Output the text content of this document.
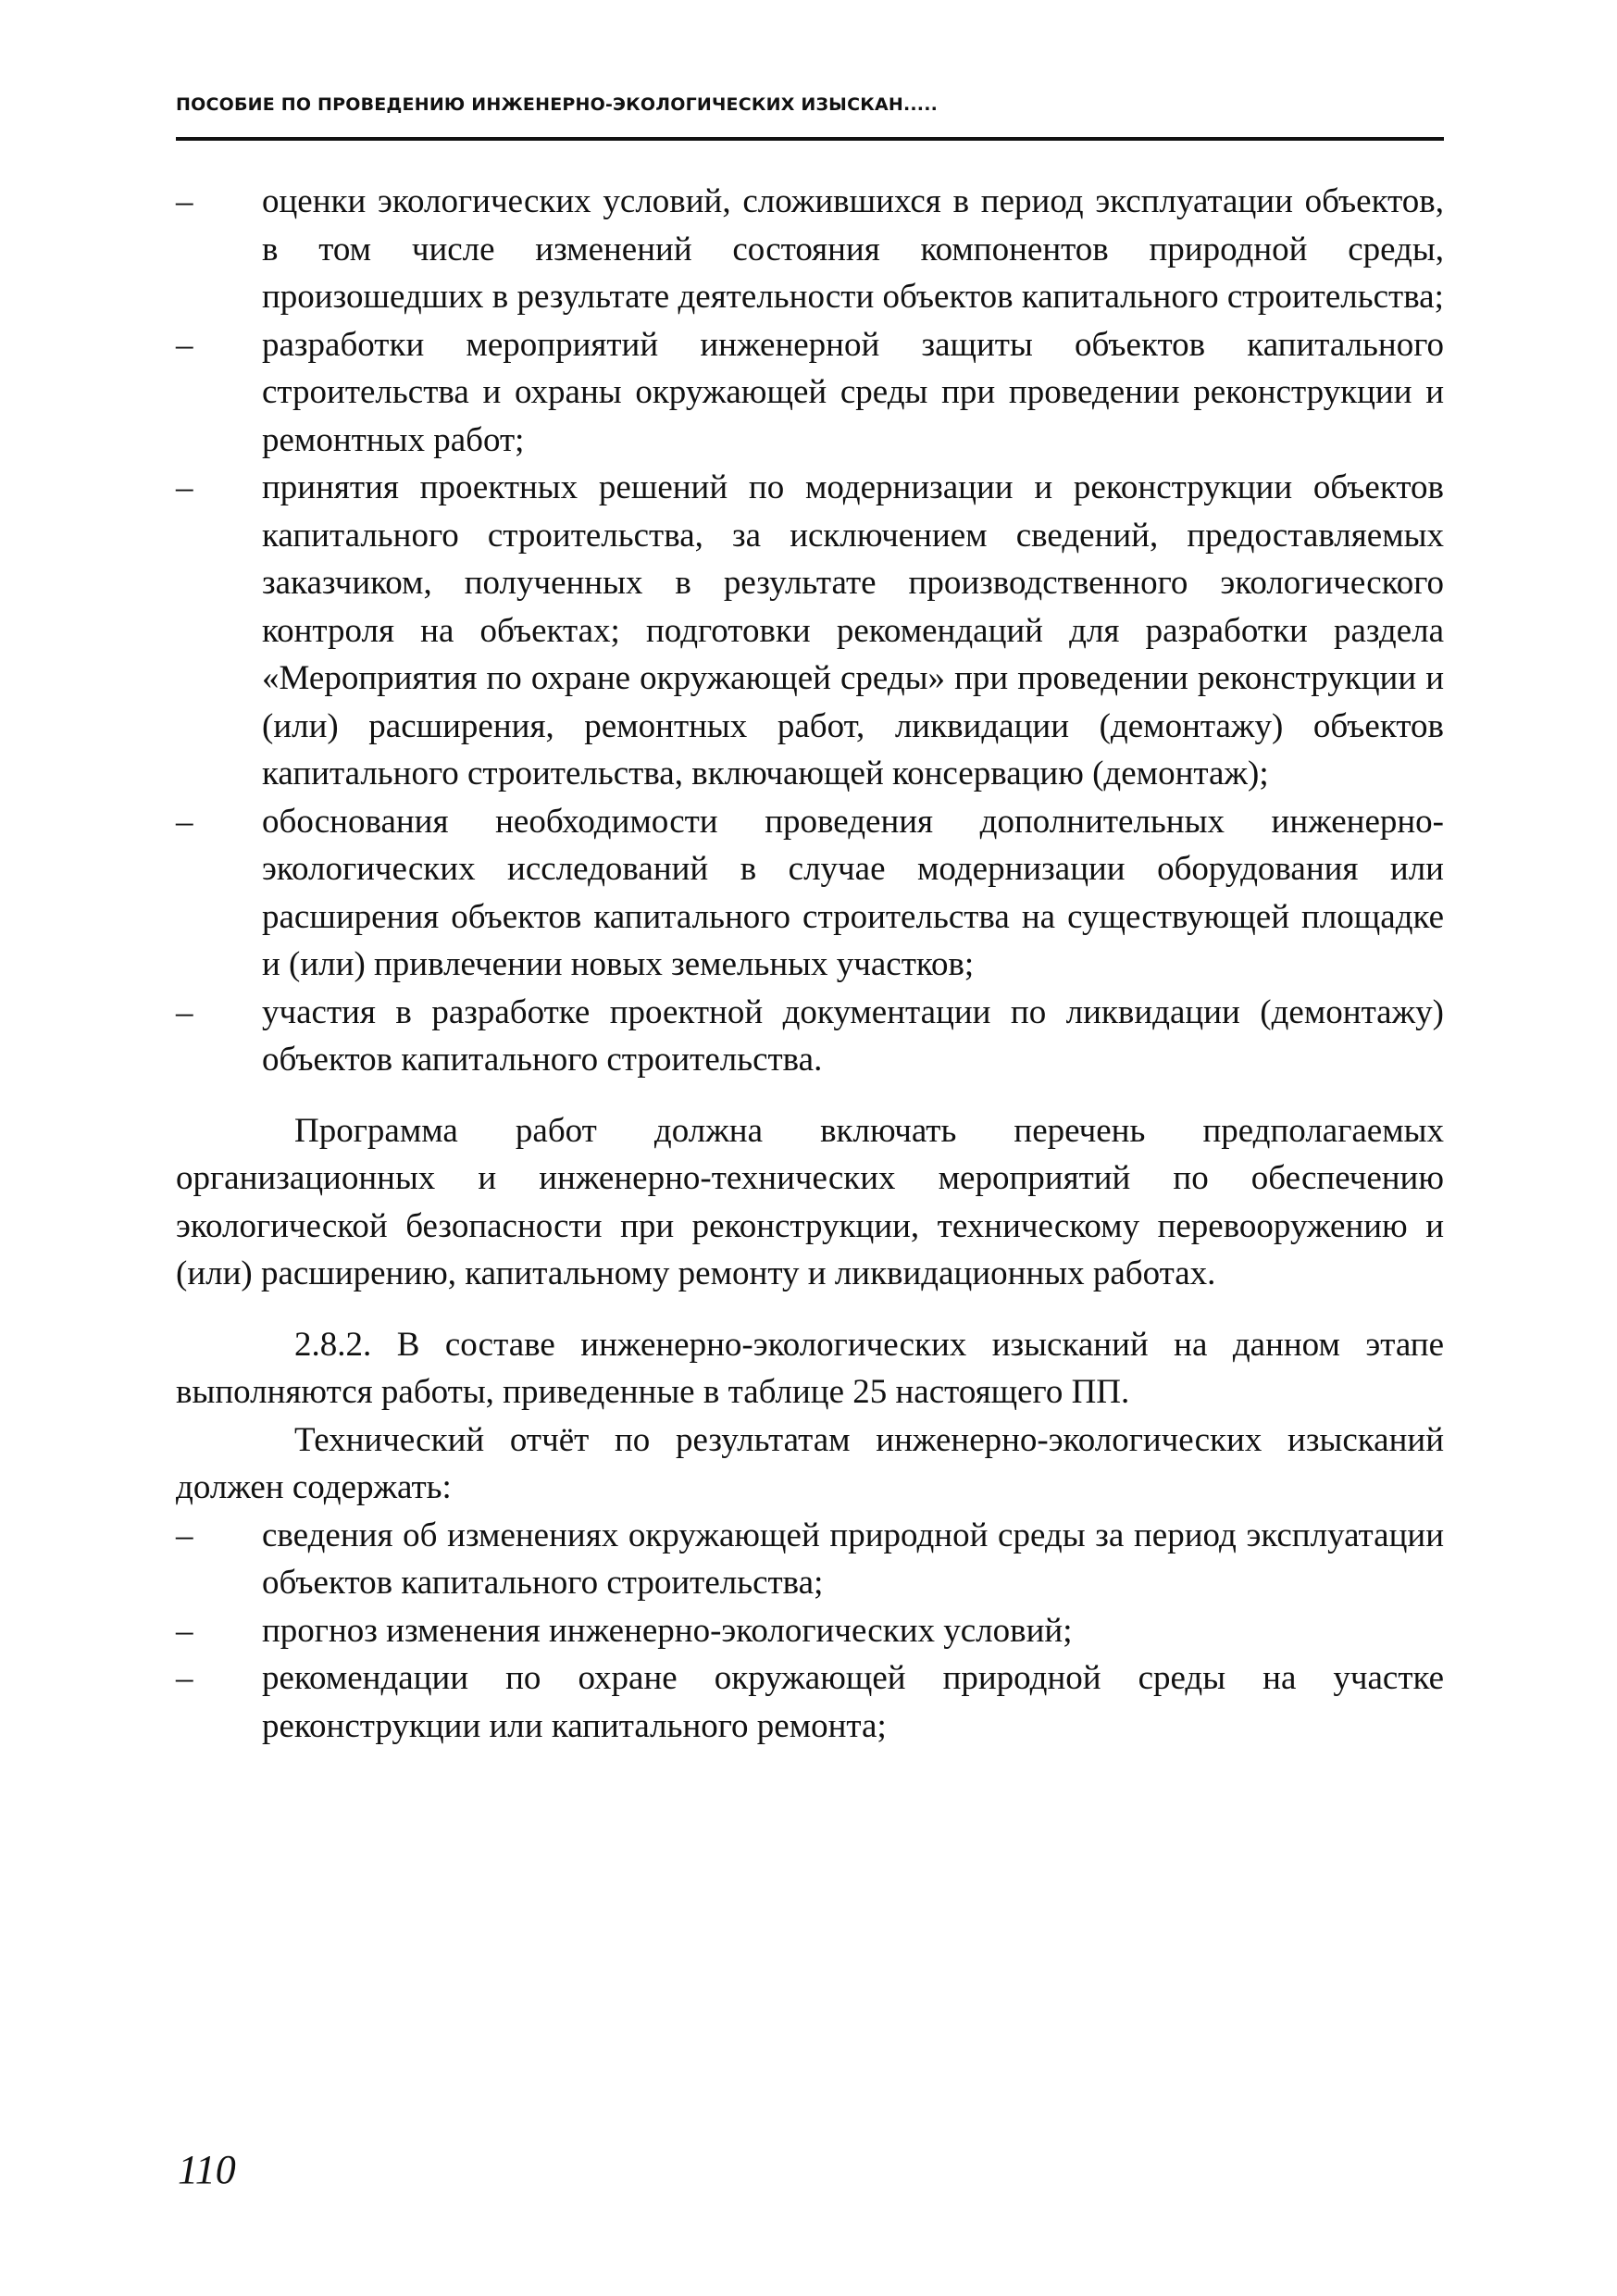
ПОСОБИЕ ПО ПРОВЕДЕНИЮ ИНЖЕНЕРНО-ЭКОЛОГИЧЕСКИХ ИЗЫСКАН.....
–	оценки экологических условий, сложившихся в период эксплуатации объектов, в том числе изменений состояния компонентов природной среды, произошедших в результате деятельности объектов капитального строительства;
–	разработки мероприятий инженерной защиты объектов капитального строительства и охраны окружающей среды при проведении реконструкции и ремонтных работ;
–	принятия проектных решений по модернизации и реконструкции объектов капитального строительства, за исключением сведений, предоставляемых заказчиком, полученных в результате производственного экологического контроля на объектах; подготовки рекомендаций для разработки раздела «Мероприятия по охране окружающей среды» при проведении реконструкции и (или) расширения, ремонтных работ, ликвидации (демонтажу) объектов капитального строительства, включающей консервацию (демонтаж);
–	обоснования необходимости проведения дополнительных инженерно-экологических исследований в случае модернизации оборудования или расширения объектов капитального строительства на существующей площадке и (или) привлечении новых земельных участков;
–	участия в разработке проектной документации по ликвидации (демонтажу) объектов капитального строительства.

Программа работ должна включать перечень предполагаемых организационных и инженерно-технических мероприятий по обеспечению экологической безопасности при реконструкции, техническому перевооружению и (или) расширению, капитальному ремонту и ликвидационных работах.

2.8.2. В составе инженерно-экологических изысканий на данном этапе выполняются работы, приведенные в таблице 25 настоящего ПП.

Технический отчёт по результатам инженерно-экологических изысканий должен содержать:

–	сведения об изменениях окружающей природной среды за период эксплуатации объектов капитального строительства;
–	прогноз изменения инженерно-экологических условий;
–	рекомендации по охране окружающей природной среды на участке реконструкции или капитального ремонта;
110
